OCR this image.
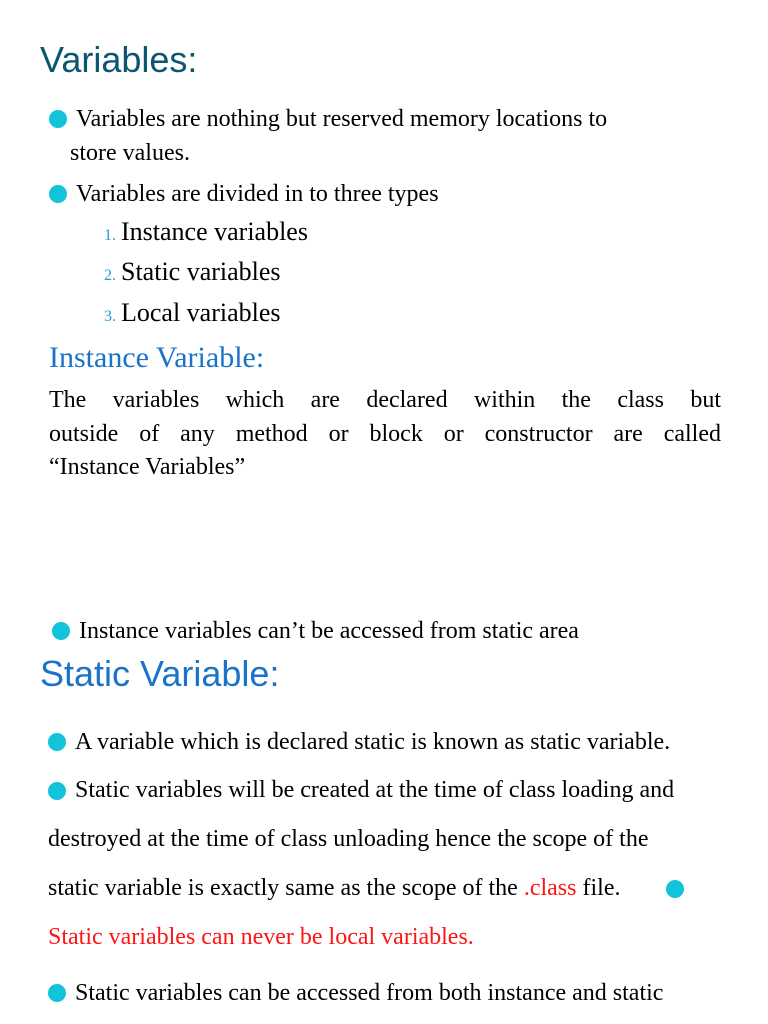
Variables:
Variables are nothing but reserved memory locations to
store values.
Variables are divided in to three types
1. Instance variables
2. Static variables
3. Local variables
Instance Variable:
The variables which are declared within the class but
outside of any method or block or constructor are called
“Instance Variables”
Instance variables can’t be accessed from static area
Static Variable:
A variable which is declared static is known as static variable.
Static variables will be created at the time of class loading and
destroyed at the time of class unloading hence the scope of the
static variable is exactly same as the scope of the .class file.
Static variables can never be local variables.
Static variables can be accessed from both instance and static
